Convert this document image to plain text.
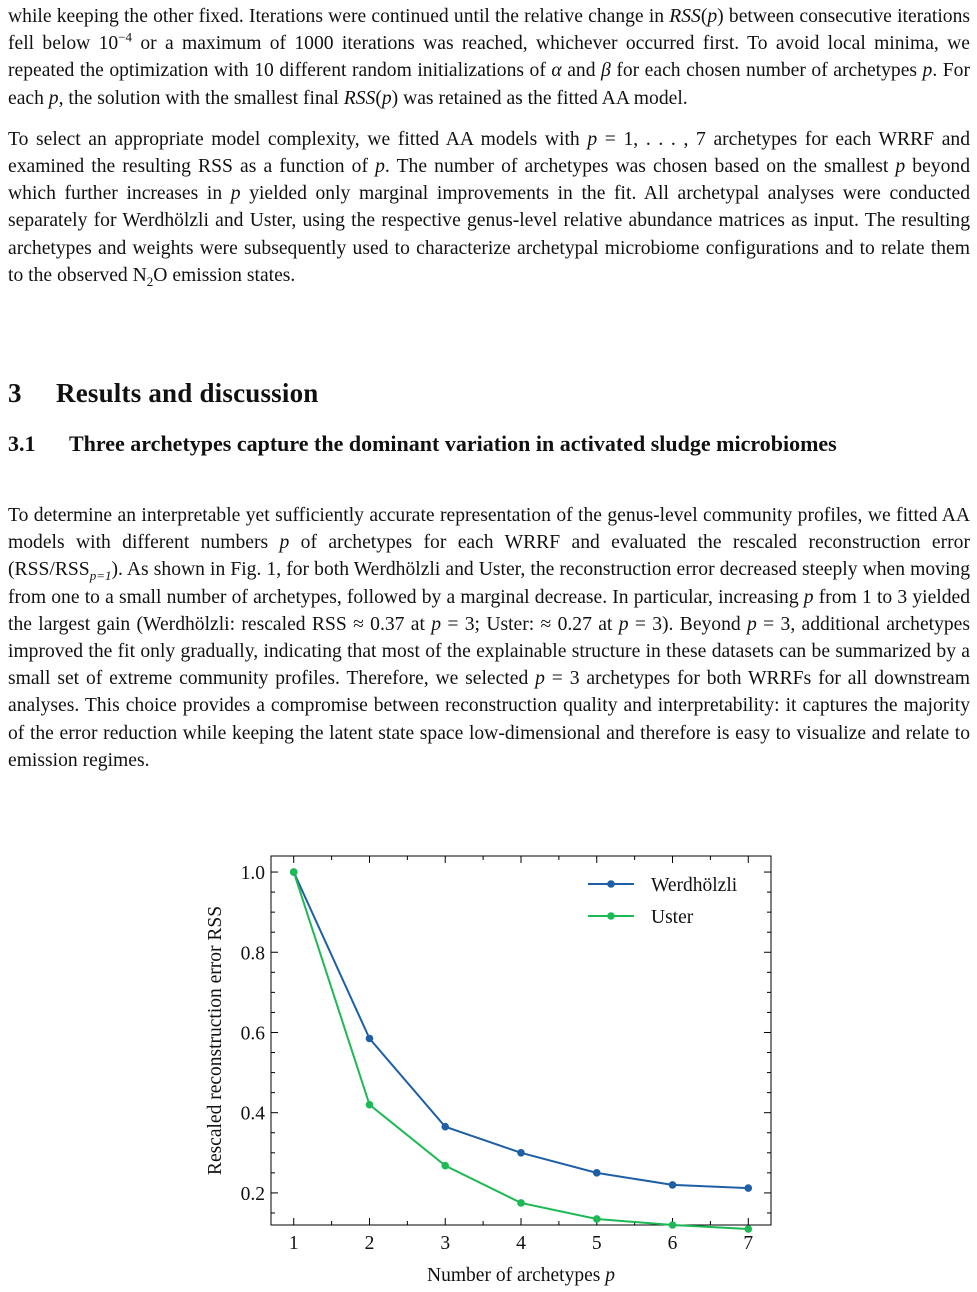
while keeping the other fixed. Iterations were continued until the relative change in RSS(p) between consecutive iterations fell below $10^{-4}$ or a maximum of 1000 iterations was reached, whichever occurred first. To avoid local minima, we repeated the optimization with 10 different random initializations of α and β for each chosen number of archetypes p. For each p, the solution with the smallest final RSS(p) was retained as the fitted AA model.

To select an appropriate model complexity, we fitted AA models with p = 1, . . . , 7 archetypes for each WRRF and examined the resulting RSS as a function of p. The number of archetypes was chosen based on the smallest p beyond which further increases in p yielded only marginal improvements in the fit. All archetypal analyses were conducted separately for Werdhölzli and Uster, using the respective genus-level relative abundance matrices as input. The resulting archetypes and weights were subsequently used to characterize archetypal microbiome configurations and to relate them to the observed $N_2O$ emission states.

3 Results and discussion
3.1 Three archetypes capture the dominant variation in activated sludge microbiomes

To determine an interpretable yet sufficiently accurate representation of the genus-level community profiles, we fitted AA models with different numbers p of archetypes for each WRRF and evaluated the rescaled reconstruction error $(RSS/RSS_{p=1})$. As shown in Fig. 1, for both Werdhölzli and Uster, the reconstruction error decreased steeply when moving from one to a small number of archetypes, followed by a marginal decrease. In particular, increasing p from 1 to 3 yielded the largest gain (Werdhölzli: rescaled RSS ≈ 0.37 at p = 3; Uster: ≈ 0.27 at p = 3). Beyond p = 3, additional archetypes improved the fit only gradually, indicating that most of the explainable structure in these datasets can be summarized by a small set of extreme community profiles. Therefore, we selected p = 3 archetypes for both WRRFs for all downstream analyses. This choice provides a compromise between reconstruction quality and interpretability: it captures the majority of the error reduction while keeping the latent state space low-dimensional and therefore is easy to visualize and relate to emission regimes.

1	2	3	4	5	6	7
0.2
0.4
0.6
0.8
1.0
Werdhölzli
Uster
Number of archetypes p
Rescaled reconstruction error RSS
